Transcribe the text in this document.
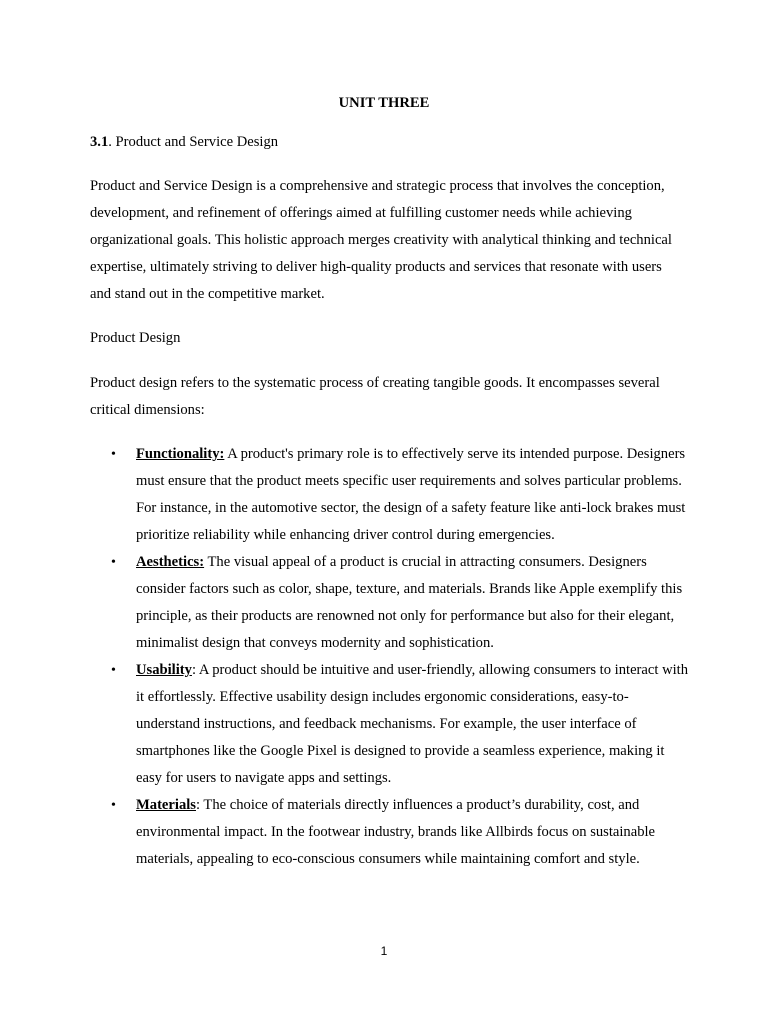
UNIT THREE
3.1. Product and Service Design
Product and Service Design is a comprehensive and strategic process that involves the conception, development, and refinement of offerings aimed at fulfilling customer needs while achieving organizational goals. This holistic approach merges creativity with analytical thinking and technical expertise, ultimately striving to deliver high-quality products and services that resonate with users and stand out in the competitive market.
Product Design
Product design refers to the systematic process of creating tangible goods. It encompasses several critical dimensions:
• Functionality: A product's primary role is to effectively serve its intended purpose. Designers must ensure that the product meets specific user requirements and solves particular problems. For instance, in the automotive sector, the design of a safety feature like anti-lock brakes must prioritize reliability while enhancing driver control during emergencies.
• Aesthetics: The visual appeal of a product is crucial in attracting consumers. Designers consider factors such as color, shape, texture, and materials. Brands like Apple exemplify this principle, as their products are renowned not only for performance but also for their elegant, minimalist design that conveys modernity and sophistication.
• Usability: A product should be intuitive and user-friendly, allowing consumers to interact with it effortlessly. Effective usability design includes ergonomic considerations, easy-to-understand instructions, and feedback mechanisms. For example, the user interface of smartphones like the Google Pixel is designed to provide a seamless experience, making it easy for users to navigate apps and settings.
• Materials: The choice of materials directly influences a product’s durability, cost, and environmental impact. In the footwear industry, brands like Allbirds focus on sustainable materials, appealing to eco-conscious consumers while maintaining comfort and style.
1
